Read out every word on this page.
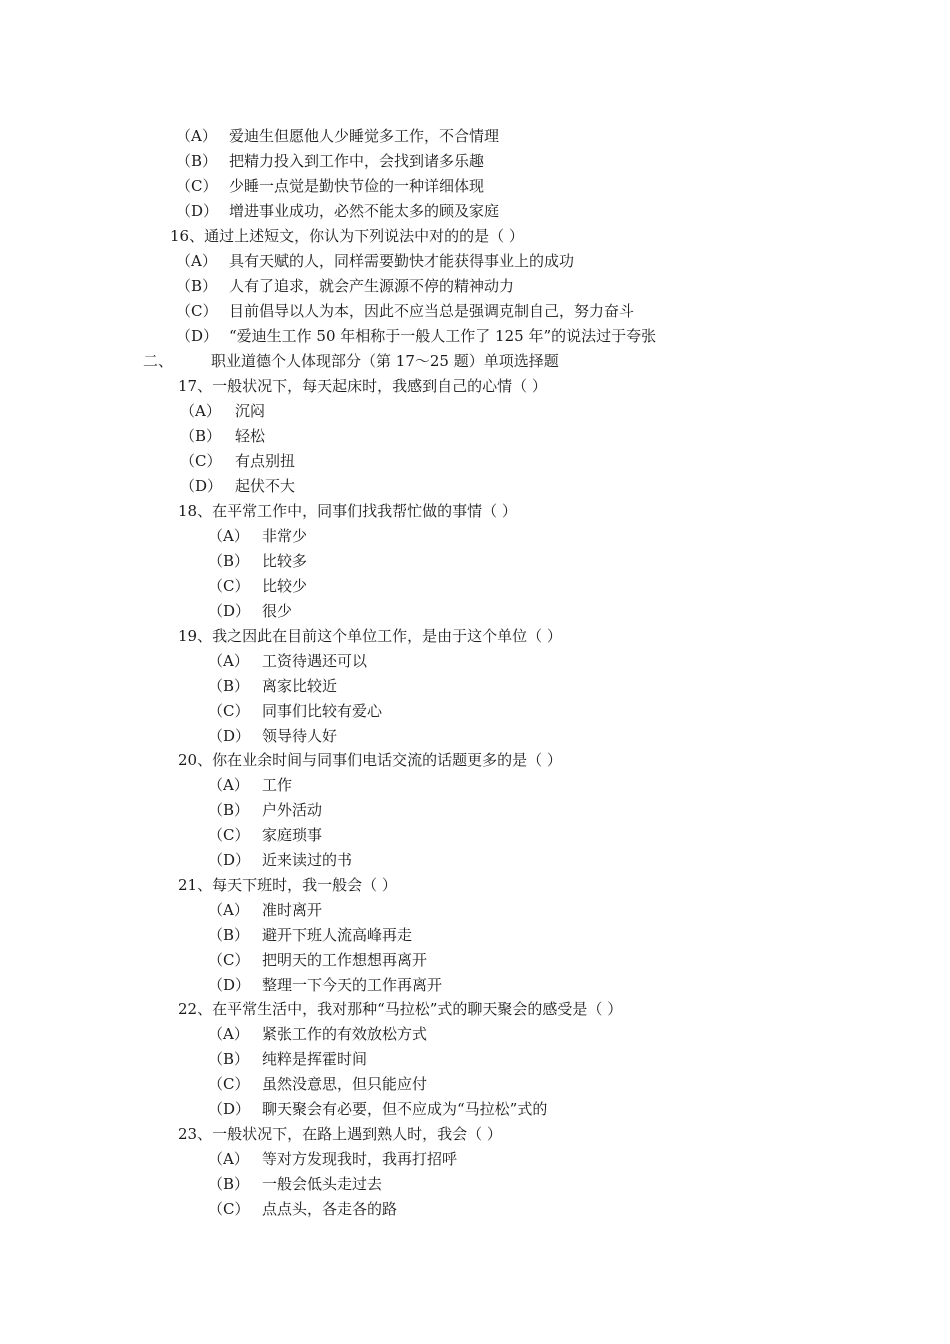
（A） 爱迪生但愿他人少睡觉多工作，不合情理
（B） 把精力投入到工作中，会找到诸多乐趣
（C） 少睡一点觉是勤快节俭的一种详细体现
（D） 增进事业成功，必然不能太多的顾及家庭
16、通过上述短文，你认为下列说法中对的的是（ ）
（A） 具有天赋的人，同样需要勤快才能获得事业上的成功
（B） 人有了追求，就会产生源源不停的精神动力
（C） 目前倡导以人为本，因此不应当总是强调克制自己，努力奋斗
（D） “爱迪生工作 50 年相称于一般人工作了 125 年”的说法过于夸张
二、	职业道德个人体现部分（第 17～25 题）单项选择题
17、一般状况下，每天起床时，我感到自己的心情（ ）
（A） 沉闷
（B） 轻松
（C） 有点别扭
（D） 起伏不大
18、在平常工作中，同事们找我帮忙做的事情（ ）
（A） 非常少
（B） 比较多
（C） 比较少
（D） 很少
19、我之因此在目前这个单位工作，是由于这个单位（ ）
（A） 工资待遇还可以
（B） 离家比较近
（C） 同事们比较有爱心
（D） 领导待人好
20、你在业余时间与同事们电话交流的话题更多的是（ ）
（A） 工作
（B） 户外活动
（C） 家庭琐事
（D） 近来读过的书
21、每天下班时，我一般会（ ）
（A） 准时离开
（B） 避开下班人流高峰再走
（C） 把明天的工作想想再离开
（D） 整理一下今天的工作再离开
22、在平常生活中，我对那种“马拉松”式的聊天聚会的感受是（ ）
（A） 紧张工作的有效放松方式
（B） 纯粹是挥霍时间
（C） 虽然没意思，但只能应付
（D） 聊天聚会有必要，但不应成为“马拉松”式的
23、一般状况下，在路上遇到熟人时，我会（ ）
（A） 等对方发现我时，我再打招呼
（B） 一般会低头走过去
（C） 点点头，各走各的路
